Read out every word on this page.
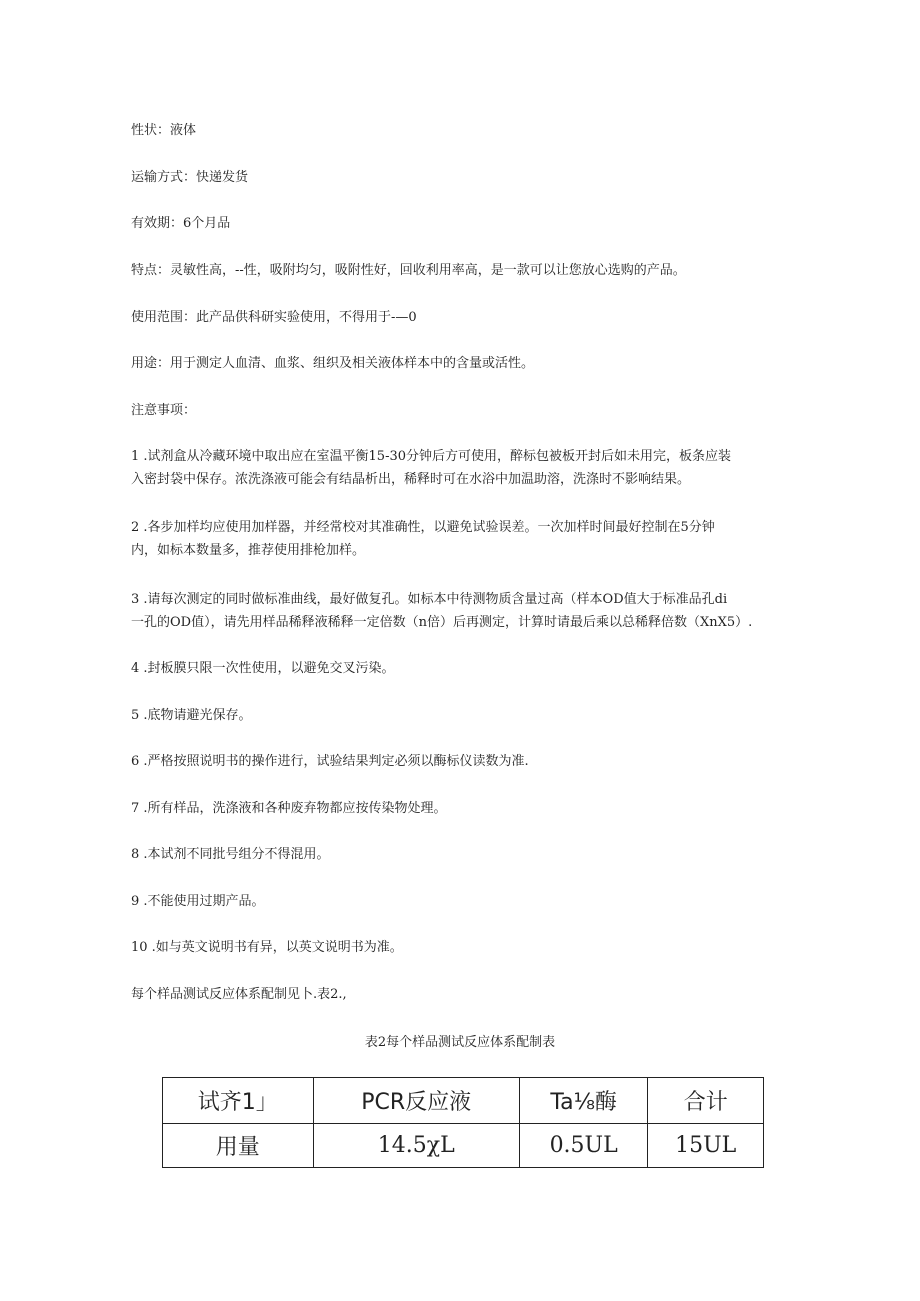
性状：液体
运输方式：快递发货
有效期：6个月品
特点：灵敏性高，--性，吸附均匀，吸附性好，回收利用率高，是一款可以让您放心选购的产品。
使用范围：此产品供科研实验使用，不得用于-—0
用途：用于测定人血清、血浆、组织及相关液体样本中的含量或活性。
注意事项：
1 .试剂盒从冷藏环境中取出应在室温平衡15-30分钟后方可使用，醉标包被板开封后如未用完，板条应装
入密封袋中保存。浓洗涤液可能会有结晶析出，稀释时可在水浴中加温助溶，洗涤时不影响结果。
2 .各步加样均应使用加样器，并经常校对其准确性，以避免试验误差。一次加样时间最好控制在5分钟
内，如标本数量多，推荐使用排枪加样。
3 .请每次测定的同时做标准曲线，最好做复孔。如标本中待测物质含量过高（样本OD值大于标准品孔di
一孔的OD值），请先用样品稀释液稀释一定倍数（n倍）后再测定，计算时请最后乘以总稀释倍数（XnX5）.
4 .封板膜只限一次性使用，以避免交叉污染。
5 .底物请避光保存。
6 .严格按照说明书的操作进行，试验结果判定必须以酶标仪读数为准.
7 .所有样品，洗涤液和各种废弃物都应按传染物处理。
8 .本试剂不同批号组分不得混用。
9 .不能使用过期产品。
10 .如与英文说明书有异，以英文说明书为准。
每个样品测试反应体系配制见卜.表2.,
表2每个样品测试反应体系配制表
试齐1」	PCR反应液	Ta⅛酶	合计
用量	14.5χL	0.5UL	15UL
